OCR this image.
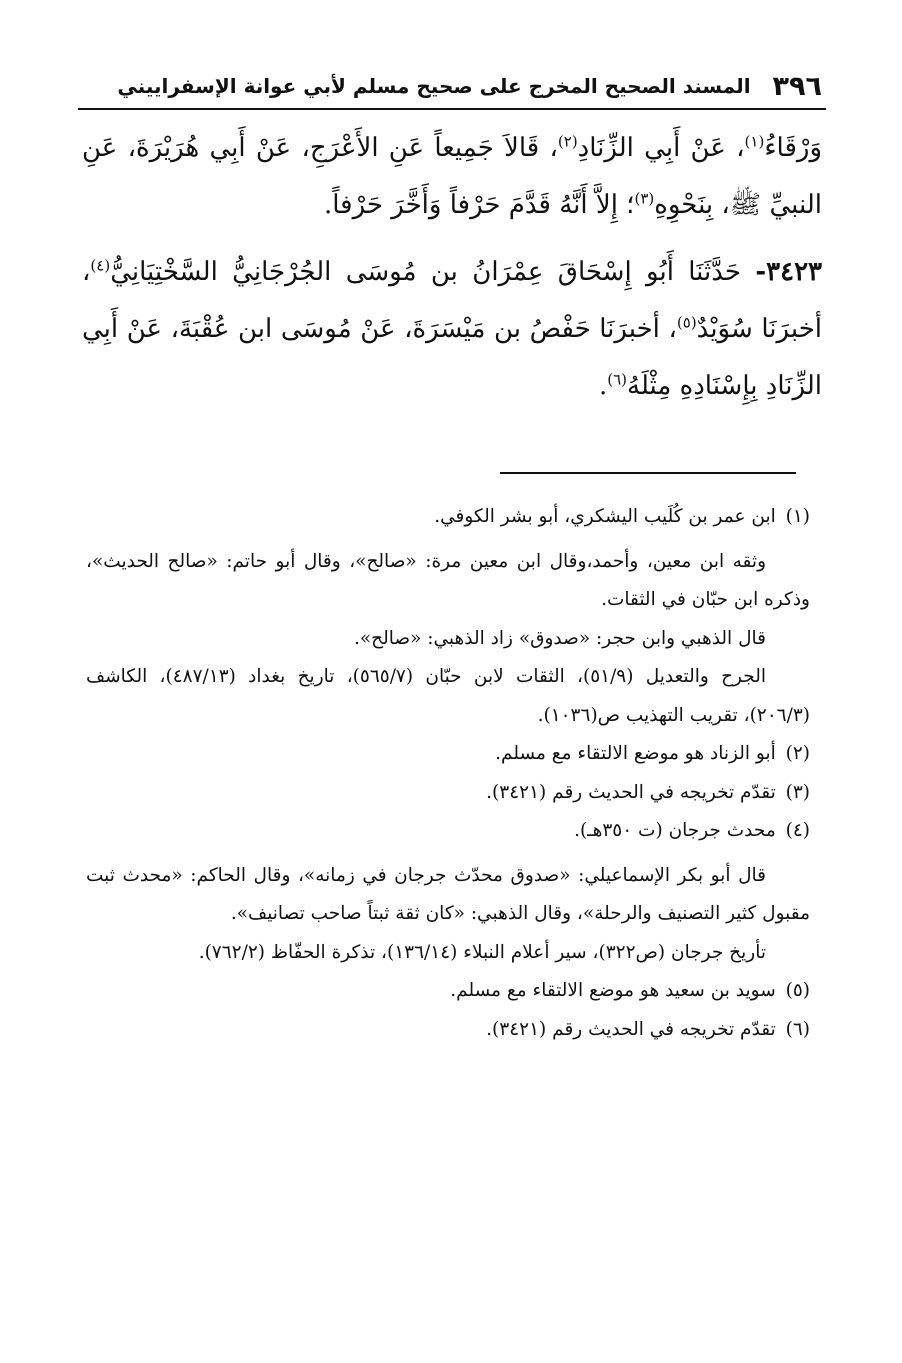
٣٩٦
المسند الصحيح المخرج على صحيح مسلم لأبي عوانة الإسفراييني

وَرْقَاءُ$^{(١)}$، عَنْ أَبِي الزِّنَادِ$^{(٢)}$، قَالاَ جَمِيعاً عَنِ الأَعْرَجِ، عَنْ أَبِي هُرَيْرَةَ، عَنِ النبيِّ ﷺ، بِنَحْوِهِ$^{(٣)}$؛ إِلاَّ أَنَّهُ قَدَّمَ حَرْفاً وَأَخَّرَ حَرْفاً.

٣٤٢٣- حَدَّثَنَا أَبُو إِسْحَاقَ عِمْرَانُ بن مُوسَى الجُرْجَانِيُّ السَّخْتِيَانِيُّ$^{(٤)}$، أخبرَنَا سُوَيْدٌ$^{(٥)}$، أخبرَنَا حَفْصُ بن مَيْسَرَةَ، عَنْ مُوسَى ابن عُقْبَةَ، عَنْ أَبِي الزِّنَادِ بِإِسْنَادِهِ مِثْلَهُ$^{(٦)}$.

(١) ابن عمر بن كُلَيب اليشكري، أبو بشر الكوفي.

وثقه ابن معين، وأحمد،وقال ابن معين مرة: «صالح»، وقال أبو حاتم: «صالح الحديث»، وذكره ابن حبّان في الثقات.

قال الذهبي وابن حجر: «صدوق» زاد الذهبي: «صالح».

الجرح والتعديل (٥١/٩)، الثقات لابن حبّان (٥٦٥/٧)، تاريخ بغداد (٤٨٧/١٣)، الكاشف (٢٠٦/٣)، تقريب التهذيب ص(١٠٣٦).

(٢) أبو الزناد هو موضع الالتقاء مع مسلم.

(٣) تقدّم تخريجه في الحديث رقم (٣٤٢١).

(٤) محدث جرجان (ت ٣٥٠هـ).

قال أبو بكر الإسماعيلي: «صدوق محدّث جرجان في زمانه»، وقال الحاكم: «محدث ثبت مقبول كثير التصنيف والرحلة»، وقال الذهبي: «كان ثقة ثبتاً صاحب تصانيف».

تأريخ جرجان (ص٣٢٢)، سير أعلام النبلاء (١٣٦/١٤)، تذكرة الحفّاظ (٧٦٢/٢).

(٥) سويد بن سعيد هو موضع الالتقاء مع مسلم.

(٦) تقدّم تخريجه في الحديث رقم (٣٤٢١).
